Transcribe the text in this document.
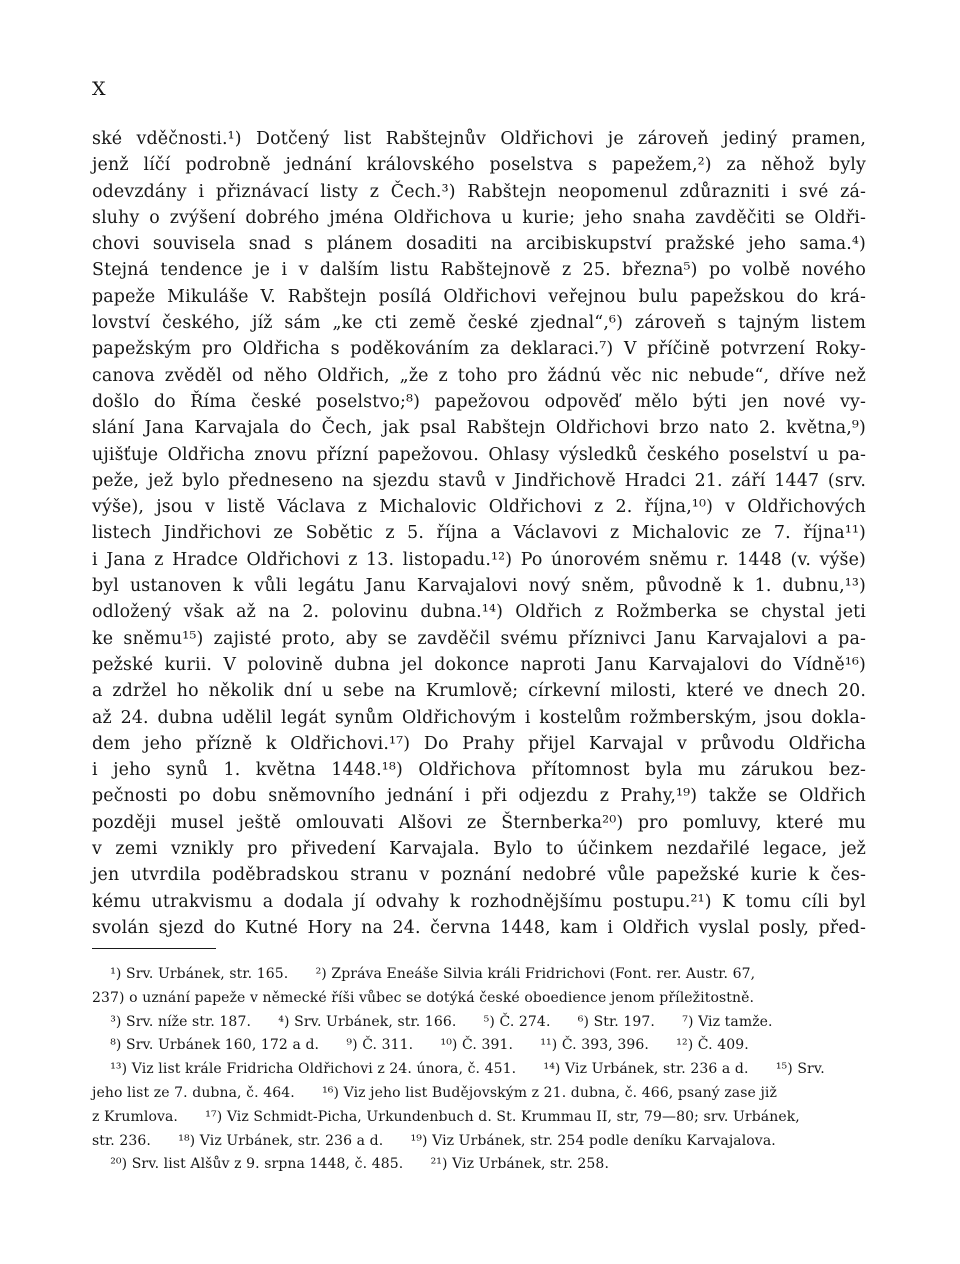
X
ské vděčnosti.¹) Dotčený list Rabštejnův Oldřichovi je zároveň jediný pramen,
jenž líčí podrobně jednání královského poselstva s papežem,²) za něhož byly
odevzdány i přiznávací listy z Čech.³) Rabštejn neopomenul zdůrazniti i své zá-
sluhy o zvýšení dobrého jména Oldřichova u kurie; jeho snaha zavděčiti se Oldři-
chovi souvisela snad s plánem dosaditi na arcibiskupství pražské jeho sama.⁴)
Stejná tendence je i v dalším listu Rabštejnově z 25. března⁵) po volbě nového
papeže Mikuláše V. Rabštejn posílá Oldřichovi veřejnou bulu papežskou do krá-
lovství českého, jíž sám „ke cti země české zjednal“,⁶) zároveň s tajným listem
papežským pro Oldřicha s poděkováním za deklaraci.⁷) V příčině potvrzení Roky-
canova zvěděl od něho Oldřich, „že z toho pro žádnú věc nic nebude“, dříve než
došlo do Říma české poselstvo;⁸) papežovou odpověď mělo býti jen nové vy-
slání Jana Karvajala do Čech, jak psal Rabštejn Oldřichovi brzo nato 2. května,⁹)
ujišťuje Oldřicha znovu přízní papežovou. Ohlasy výsledků českého poselství u pa-
peže, jež bylo předneseno na sjezdu stavů v Jindřichově Hradci 21. září 1447 (srv.
výše), jsou v listě Václava z Michalovic Oldřichovi z 2. října,¹⁰) v Oldřichových
listech Jindřichovi ze Sobětic z 5. října a Václavovi z Michalovic ze 7. října¹¹)
i Jana z Hradce Oldřichovi z 13. listopadu.¹²) Po únorovém sněmu r. 1448 (v. výše)
byl ustanoven k vůli legátu Janu Karvajalovi nový sněm, původně k 1. dubnu,¹³)
odložený však až na 2. polovinu dubna.¹⁴) Oldřich z Rožmberka se chystal jeti
ke sněmu¹⁵) zajisté proto, aby se zavděčil svému příznivci Janu Karvajalovi a pa-
pežské kurii. V polovině dubna jel dokonce naproti Janu Karvajalovi do Vídně¹⁶)
a zdržel ho několik dní u sebe na Krumlově; církevní milosti, které ve dnech 20.
až 24. dubna udělil legát synům Oldřichovým i kostelům rožmberským, jsou dokla-
dem jeho přízně k Oldřichovi.¹⁷) Do Prahy přijel Karvajal v průvodu Oldřicha
i jeho synů 1. května 1448.¹⁸) Oldřichova přítomnost byla mu zárukou bez-
pečnosti po dobu sněmovního jednání i při odjezdu z Prahy,¹⁹) takže se Oldřich
později musel ještě omlouvati Alšovi ze Šternberka²⁰) pro pomluvy, které mu
v zemi vznikly pro přivedení Karvajala. Bylo to účinkem nezdařilé legace, jež
jen utvrdila poděbradskou stranu v poznání nedobré vůle papežské kurie k čes-
kému utrakvismu a dodala jí odvahy k rozhodnějšímu postupu.²¹) K tomu cíli byl
svolán sjezd do Kutné Hory na 24. června 1448, kam i Oldřich vyslal posly, před-
¹) Srv. Urbánek, str. 165.      ²) Zpráva Eneáše Silvia králi Fridrichovi (Font. rer. Austr. 67,
237) o uznání papeže v německé říši vůbec se dotýká české oboedience jenom příležitostně.
³) Srv. níže str. 187.      ⁴) Srv. Urbánek, str. 166.      ⁵) Č. 274.      ⁶) Str. 197.      ⁷) Viz tamže.
⁸) Srv. Urbánek 160, 172 a d.      ⁹) Č. 311.      ¹⁰) Č. 391.      ¹¹) Č. 393, 396.      ¹²) Č. 409.
¹³) Viz list krále Fridricha Oldřichovi z 24. února, č. 451.      ¹⁴) Viz Urbánek, str. 236 a d.      ¹⁵) Srv.
jeho list ze 7. dubna, č. 464.      ¹⁶) Viz jeho list Budějovským z 21. dubna, č. 466, psaný zase již
z Krumlova.      ¹⁷) Viz Schmidt-Picha, Urkundenbuch d. St. Krummau II, str, 79—80; srv. Urbánek,
str. 236.      ¹⁸) Viz Urbánek, str. 236 a d.      ¹⁹) Viz Urbánek, str. 254 podle deníku Karvajalova.
²⁰) Srv. list Alšův z 9. srpna 1448, č. 485.      ²¹) Viz Urbánek, str. 258.
